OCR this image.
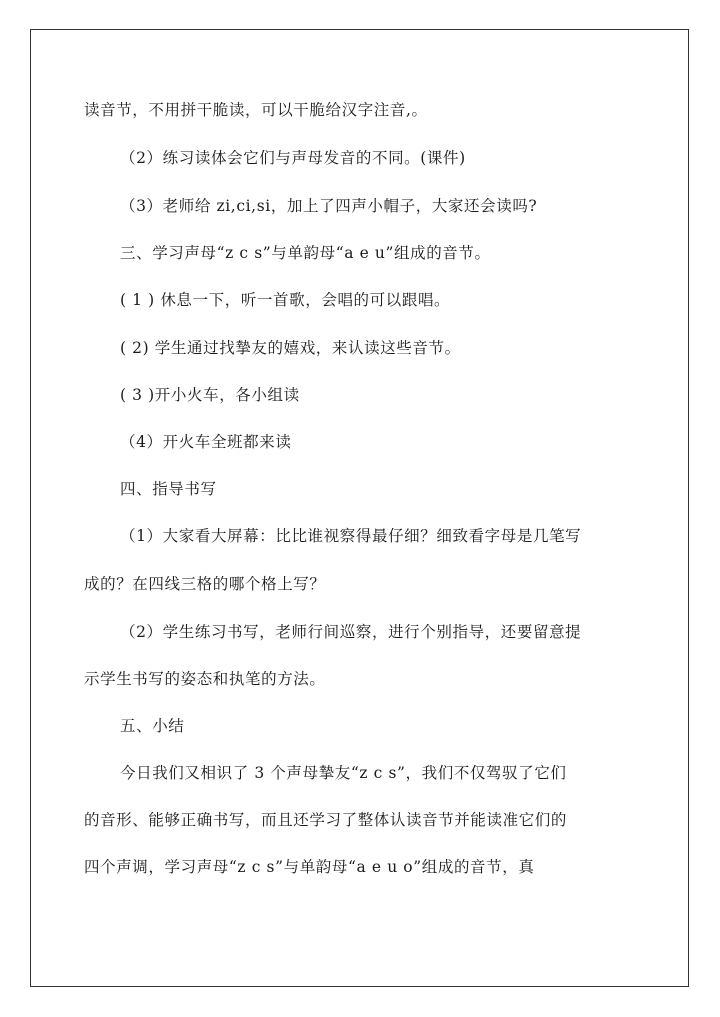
读音节，不用拼干脆读，可以干脆给汉字注音,。
（2）练习读体会它们与声母发音的不同。(课件)
（3）老师给 zi,ci,si，加上了四声小帽子，大家还会读吗?
三、学习声母“z c s”与单韵母“a e u”组成的音节。
( 1 ) 休息一下，听一首歌，会唱的可以跟唱。
( 2) 学生通过找摯友的嬉戏，来认读这些音节。
( 3 )开小火车，各小组读
（4）开火车全班都来读
四、指导书写
（1）大家看大屏幕：比比谁视察得最仔细？细致看字母是几笔写
成的？在四线三格的哪个格上写？
（2）学生练习书写，老师行间巡察，进行个别指导，还要留意提
示学生书写的姿态和执笔的方法。
五、小结
今日我们又相识了 3 个声母摯友“z c s”，我们不仅驾驭了它们
的音形、能够正确书写，而且还学习了整体认读音节并能读准它们的
四个声调，学习声母“z c s”与单韵母“a e u o”组成的音节，真
